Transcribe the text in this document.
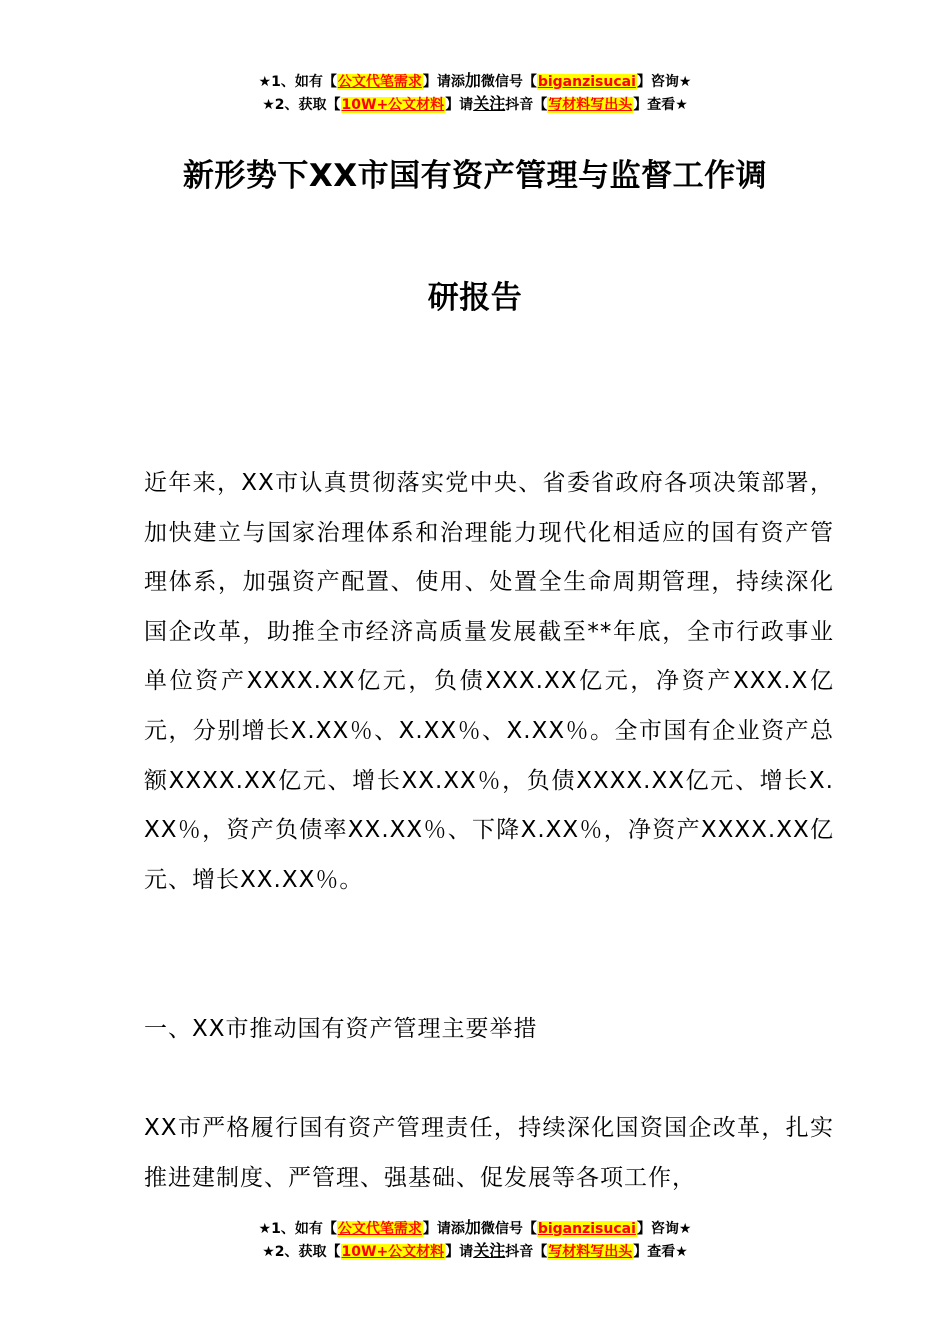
★1、如有【公文代笔需求】请添加微信号【biganzisucai】咨询★
★2、获取【10W+公文材料】请关注抖音【写材料写出头】查看★
新形势下XX市国有资产管理与监督工作调
研报告
近年来，XX市认真贯彻落实党中央、省委省政府各项决策部署，加快建立与国家治理体系和治理能力现代化相适应的国有资产管理体系，加强资产配置、使用、处置全生命周期管理，持续深化国企改革，助推全市经济高质量发展截至**年底，全市行政事业单位资产XXXX.XX亿元，负债XXX.XX亿元，净资产XXX.X亿元，分别增长X.XX％、X.XX％、X.XX％。全市国有企业资产总额XXXX.XX亿元、增长XX.XX％，负债XXXX.XX亿元、增长X.XX％，资产负债率XX.XX％、下降X.XX％，净资产XXXX.XX亿元、增长XX.XX％。
一、XX市推动国有资产管理主要举措
XX市严格履行国有资产管理责任，持续深化国资国企改革，扎实推进建制度、严管理、强基础、促发展等各项工作，
★1、如有【公文代笔需求】请添加微信号【biganzisucai】咨询★
★2、获取【10W+公文材料】请关注抖音【写材料写出头】查看★
